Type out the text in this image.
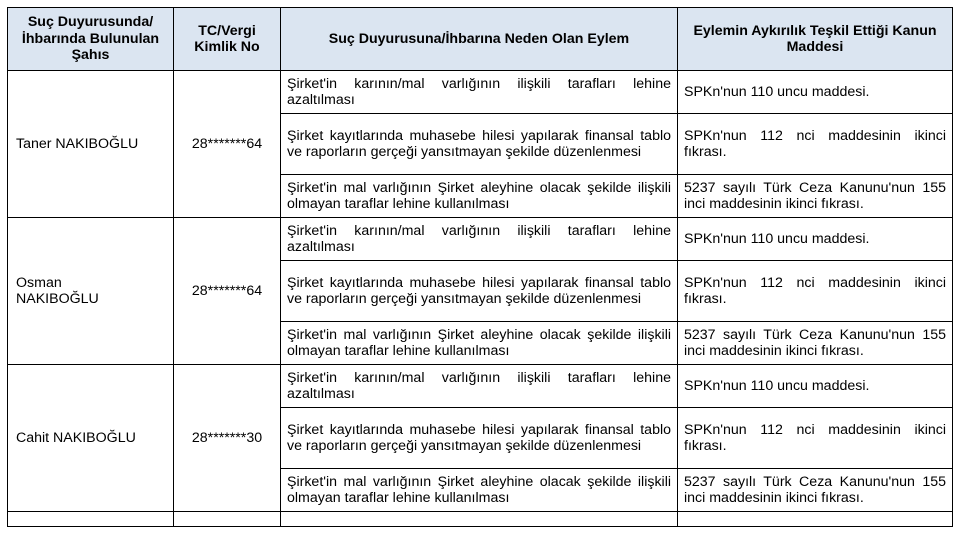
Suç Duyurusunda/ İhbarında Bulunulan Şahıs	TC/Vergi Kimlik No	Suç Duyurusuna/İhbarına Neden Olan Eylem	Eylemin Aykırılık Teşkil Ettiği Kanun Maddesi
Taner NAKIBOĞLU	28*******64	Şirket'in karının/mal varlığının ilişkili tarafları lehine azaltılması	SPKn'nun 110 uncu maddesi.
		Şirket kayıtlarında muhasebe hilesi yapılarak finansal tablo ve raporların gerçeği yansıtmayan şekilde düzenlenmesi	SPKn'nun 112 nci maddesinin ikinci fıkrası.
		Şirket'in mal varlığının Şirket aleyhine olacak şekilde ilişkili olmayan taraflar lehine kullanılması	5237 sayılı Türk Ceza Kanunu'nun 155 inci maddesinin ikinci fıkrası.
Osman NAKIBOĞLU	28*******64	Şirket'in karının/mal varlığının ilişkili tarafları lehine azaltılması	SPKn'nun 110 uncu maddesi.
		Şirket kayıtlarında muhasebe hilesi yapılarak finansal tablo ve raporların gerçeği yansıtmayan şekilde düzenlenmesi	SPKn'nun 112 nci maddesinin ikinci fıkrası.
		Şirket'in mal varlığının Şirket aleyhine olacak şekilde ilişkili olmayan taraflar lehine kullanılması	5237 sayılı Türk Ceza Kanunu'nun 155 inci maddesinin ikinci fıkrası.
Cahit NAKIBOĞLU	28*******30	Şirket'in karının/mal varlığının ilişkili tarafları lehine azaltılması	SPKn'nun 110 uncu maddesi.
		Şirket kayıtlarında muhasebe hilesi yapılarak finansal tablo ve raporların gerçeği yansıtmayan şekilde düzenlenmesi	SPKn'nun 112 nci maddesinin ikinci fıkrası.
		Şirket'in mal varlığının Şirket aleyhine olacak şekilde ilişkili olmayan taraflar lehine kullanılması	5237 sayılı Türk Ceza Kanunu'nun 155 inci maddesinin ikinci fıkrası.
